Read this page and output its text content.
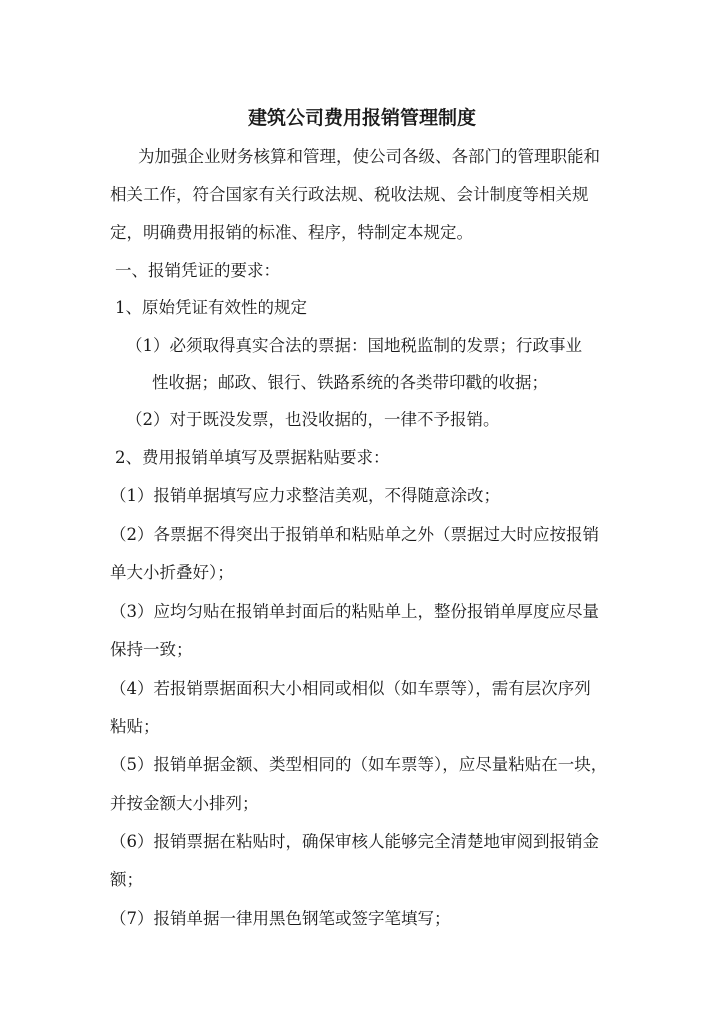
建筑公司费用报销管理制度
为加强企业财务核算和管理，使公司各级、各部门的管理职能和
相关工作，符合国家有关行政法规、税收法规、会计制度等相关规
定，明确费用报销的标准、程序，特制定本规定。
一、报销凭证的要求：
1、原始凭证有效性的规定
（1）必须取得真实合法的票据：国地税监制的发票；行政事业
性收据；邮政、银行、铁路系统的各类带印戳的收据；
（2）对于既没发票，也没收据的，一律不予报销。
2、费用报销单填写及票据粘贴要求：
（1）报销单据填写应力求整洁美观，不得随意涂改；
（2）各票据不得突出于报销单和粘贴单之外（票据过大时应按报销
单大小折叠好）；
（3）应均匀贴在报销单封面后的粘贴单上，整份报销单厚度应尽量
保持一致；
（4）若报销票据面积大小相同或相似（如车票等），需有层次序列
粘贴；
（5）报销单据金额、类型相同的（如车票等），应尽量粘贴在一块，
并按金额大小排列；
（6）报销票据在粘贴时，确保审核人能够完全清楚地审阅到报销金
额；
（7）报销单据一律用黑色钢笔或签字笔填写；
